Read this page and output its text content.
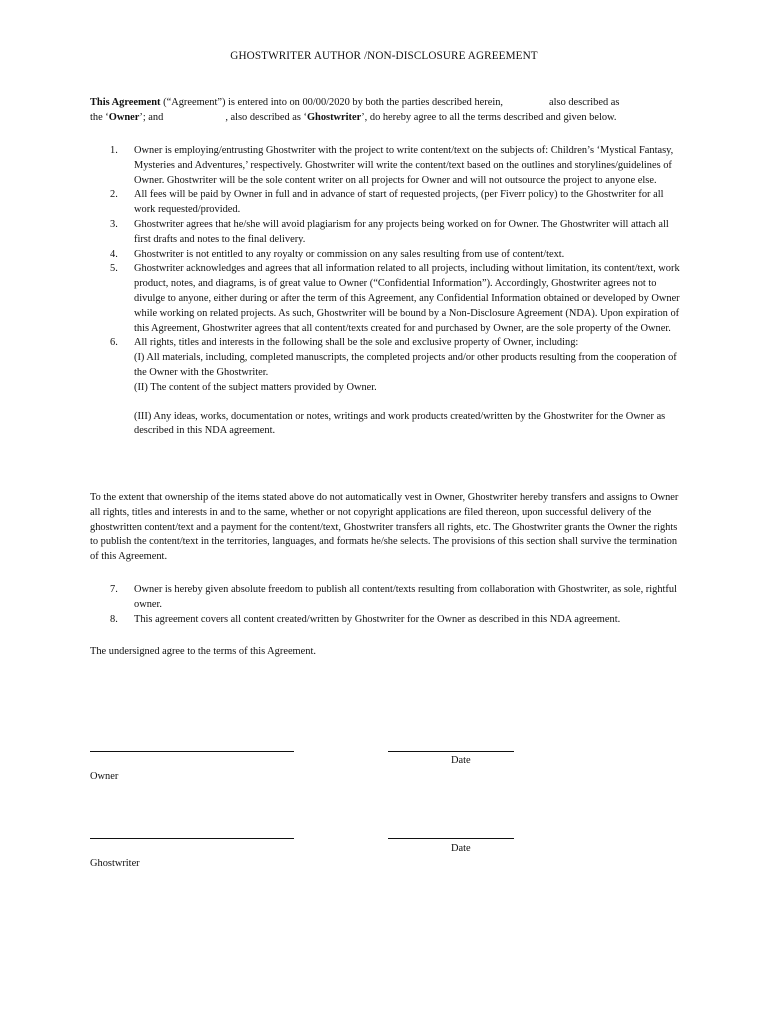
GHOSTWRITER AUTHOR /NON-DISCLOSURE AGREEMENT
This Agreement (“Agreement”) is entered into on 00/00/2020 by both the parties described herein,	also described as
the ‘Owner’; and	, also described as ‘Ghostwriter’, do hereby agree to all the terms described and given below.
1. Owner is employing/entrusting Ghostwriter with the project to write content/text on the subjects of: Children’s ‘Mystical Fantasy, Mysteries and Adventures,’ respectively. Ghostwriter will write the content/text based on the outlines and storylines/guidelines of Owner. Ghostwriter will be the sole content writer on all projects for Owner and will not outsource the project to anyone else.
2. All fees will be paid by Owner in full and in advance of start of requested projects, (per Fiverr policy) to the Ghostwriter for all work requested/provided.
3. Ghostwriter agrees that he/she will avoid plagiarism for any projects being worked on for Owner. The Ghostwriter will attach all first drafts and notes to the final delivery.
4. Ghostwriter is not entitled to any royalty or commission on any sales resulting from use of content/text.
5. Ghostwriter acknowledges and agrees that all information related to all projects, including without limitation, its content/text, work product, notes, and diagrams, is of great value to Owner (“Confidential Information”). Accordingly, Ghostwriter agrees not to divulge to anyone, either during or after the term of this Agreement, any Confidential Information obtained or developed by Owner while working on related projects. As such, Ghostwriter will be bound by a Non-Disclosure Agreement (NDA). Upon expiration of this Agreement, Ghostwriter agrees that all content/texts created for and purchased by Owner, are the sole property of the Owner.
6. All rights, titles and interests in the following shall be the sole and exclusive property of Owner, including:

(I) All materials, including, completed manuscripts, the completed projects and/or other products resulting from the cooperation of the Owner with the Ghostwriter.

(II) The content of the subject matters provided by Owner.

(III) Any ideas, works, documentation or notes, writings and work products created/written by the Ghostwriter for the Owner as described in this NDA agreement.

To the extent that ownership of the items stated above do not automatically vest in Owner, Ghostwriter hereby transfers and assigns to Owner all rights, titles and interests in and to the same, whether or not copyright applications are filed thereon, upon successful delivery of the ghostwritten content/text and a payment for the content/text, Ghostwriter transfers all rights, etc. The Ghostwriter grants the Owner the rights to publish the content/text in the territories, languages, and formats he/she selects. The provisions of this section shall survive the termination of this Agreement.
7. Owner is hereby given absolute freedom to publish all content/texts resulting from collaboration with Ghostwriter, as sole, rightful owner.
8. This agreement covers all content created/written by Ghostwriter for the Owner as described in this NDA agreement.
The undersigned agree to the terms of this Agreement.
Date
Owner
Date
Ghostwriter
